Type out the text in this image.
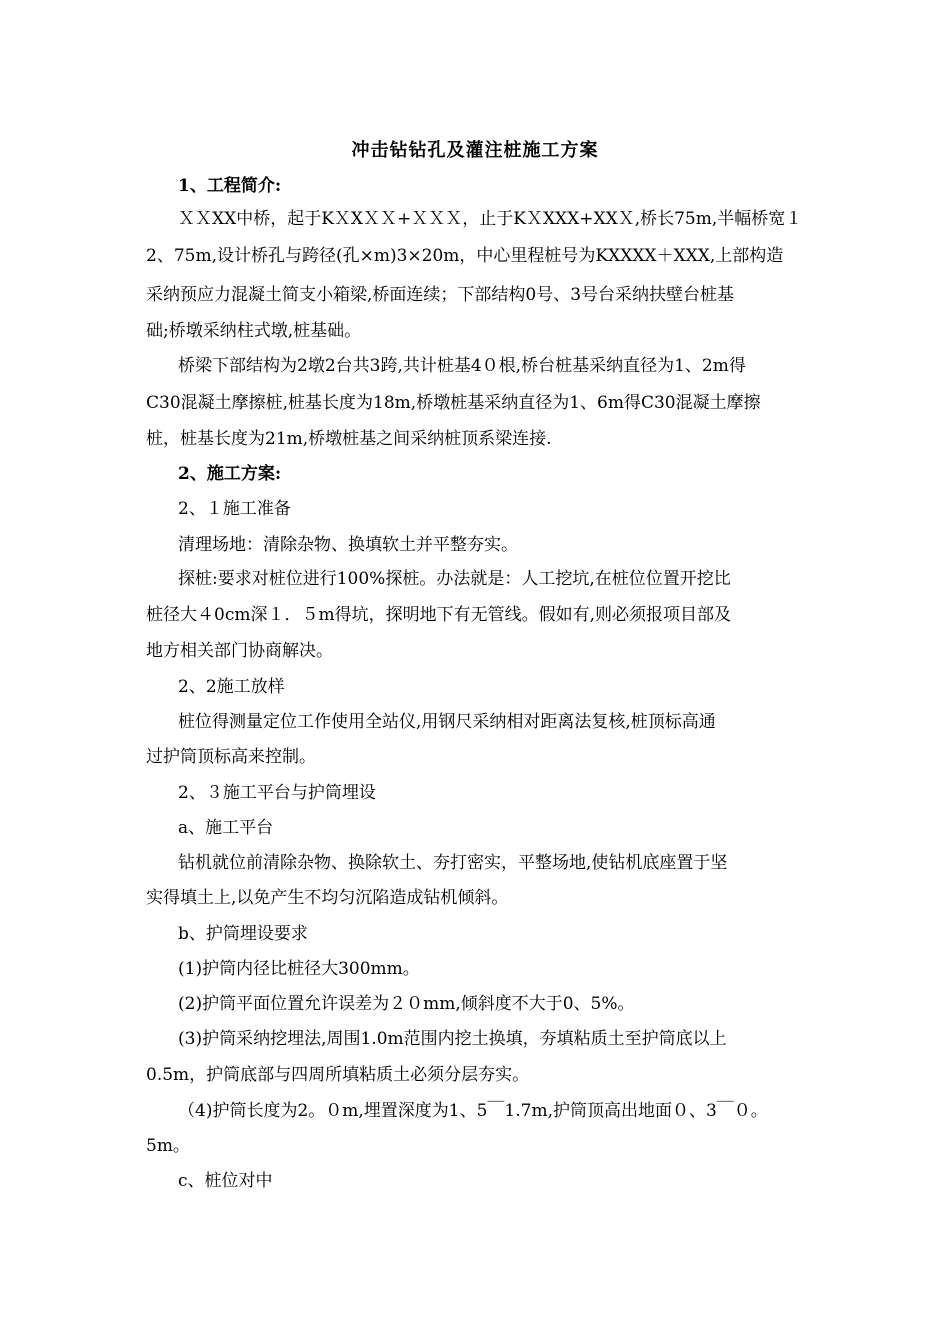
冲击钻钻孔及灌注桩施工方案
1、工程简介:
ＸＸXX中桥，起于KＸXＸＸ+ＸＸＸ，止于KＸXXX+XXＸ,桥长75m,半幅桥宽１
2、75m,设计桥孔与跨径(孔×m)3×20m，中心里程桩号为KXXXX＋XXX,上部构造
采纳预应力混凝土简支小箱梁,桥面连续；下部结构0号、3号台采纳扶壁台桩基
础;桥墩采纳柱式墩,桩基础。
桥梁下部结构为2墩2台共3跨,共计桩基4０根,桥台桩基采纳直径为1、2m得
C30混凝土摩擦桩,桩基长度为18m,桥墩桩基采纳直径为1、6m得C30混凝土摩擦
桩，桩基长度为21m,桥墩桩基之间采纳桩顶系梁连接.
2、施工方案:
2、１施工准备
清理场地：清除杂物、换填软土并平整夯实。
探桩:要求对桩位进行100%探桩。办法就是：人工挖坑,在桩位位置开挖比
桩径大４0cm深１．５m得坑，探明地下有无管线。假如有,则必须报项目部及
地方相关部门协商解决。
2、2施工放样
桩位得测量定位工作使用全站仪,用钢尺采纳相对距离法复核,桩顶标高通
过护筒顶标高来控制。
2、３施工平台与护筒埋设
a、施工平台
钻机就位前清除杂物、换除软土、夯打密实，平整场地,使钻机底座置于坚
实得填土上,以免产生不均匀沉陷造成钻机倾斜。
b、护筒埋设要求
(1)护筒内径比桩径大300mm。
(2)护筒平面位置允许误差为２０mm,倾斜度不大于0、5%。
(3)护筒采纳挖埋法,周围1.0m范围内挖土换填，夯填粘质土至护筒底以上
0.5m，护筒底部与四周所填粘质土必须分层夯实。
（4)护筒长度为2。０m,埋置深度为1、5￣1.7m,护筒顶高出地面０、3￣０。
5m。
c、桩位对中
